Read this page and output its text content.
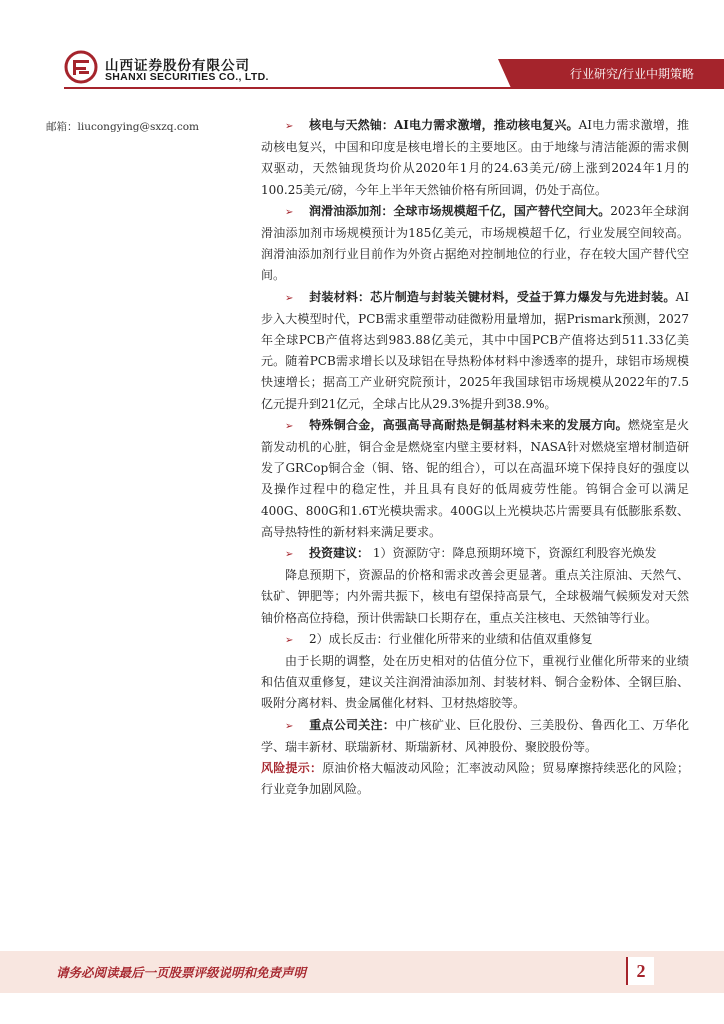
山西证券股份有限公司
SHANXI SECURITIES CO., LTD.	行业研究/行业中期策略
邮箱：liucongying@sxzq.com	➢ 核电与天然铀：AI电力需求激增，推动核电复兴。AI电力需求激增，推动核电复兴，中国和印度是核电增长的主要地区。由于地缘与清洁能源的需求侧双驱动，天然铀现货均价从2020年1月的24.63美元/磅上涨到2024年1月的100.25美元/磅，今年上半年天然铀价格有所回调，仍处于高位。

➢ 润滑油添加剂：全球市场规模超千亿，国产替代空间大。2023年全球润滑油添加剂市场规模预计为185亿美元，市场规模超千亿，行业发展空间较高。润滑油添加剂行业目前作为外资占据绝对控制地位的行业，存在较大国产替代空间。

➢ 封装材料：芯片制造与封装关键材料，受益于算力爆发与先进封装。AI步入大模型时代，PCB需求重塑带动硅微粉用量增加，据Prismark预测，2027年全球PCB产值将达到983.88亿美元，其中中国PCB产值将达到511.33亿美元。随着PCB需求增长以及球铝在导热粉体材料中渗透率的提升，球铝市场规模快速增长；据高工产业研究院预计，2025年我国球铝市场规模从2022年的7.5亿元提升到21亿元，全球占比从29.3%提升到38.9%。

➢ 特殊铜合金，高强高导高耐热是铜基材料未来的发展方向。燃烧室是火箭发动机的心脏，铜合金是燃烧室内壁主要材料，NASA针对燃烧室增材制造研发了GRCop铜合金（铜、铬、铌的组合），可以在高温环境下保持良好的强度以及操作过程中的稳定性，并且具有良好的低周疲劳性能。钨铜合金可以满足400G、800G和1.6T光模块需求。400G以上光模块芯片需要具有低膨胀系数、高导热特性的新材料来满足要求。

➢ 投资建议： 1）资源防守：降息预期环境下，资源红利股容光焕发

降息预期下，资源品的价格和需求改善会更显著。重点关注原油、天然气、钛矿、钾肥等；内外需共振下，核电有望保持高景气，全球极端气候频发对天然铀价格高位持稳，预计供需缺口长期存在，重点关注核电、天然铀等行业。

➢ 2）成长反击：行业催化所带来的业绩和估值双重修复

由于长期的调整，处在历史相对的估值分位下，重视行业催化所带来的业绩和估值双重修复，建议关注润滑油添加剂、封装材料、铜合金粉体、全钢巨胎、吸附分离材料、贵金属催化材料、卫材热熔胶等。

➢ 重点公司关注：中广核矿业、巨化股份、三美股份、鲁西化工、万华化学、瑞丰新材、联瑞新材、斯瑞新材、风神股份、聚胶股份等。

风险提示：原油价格大幅波动风险；汇率波动风险；贸易摩擦持续恶化的风险；行业竞争加剧风险。

请务必阅读最后一页股票评级说明和免责声明	2
